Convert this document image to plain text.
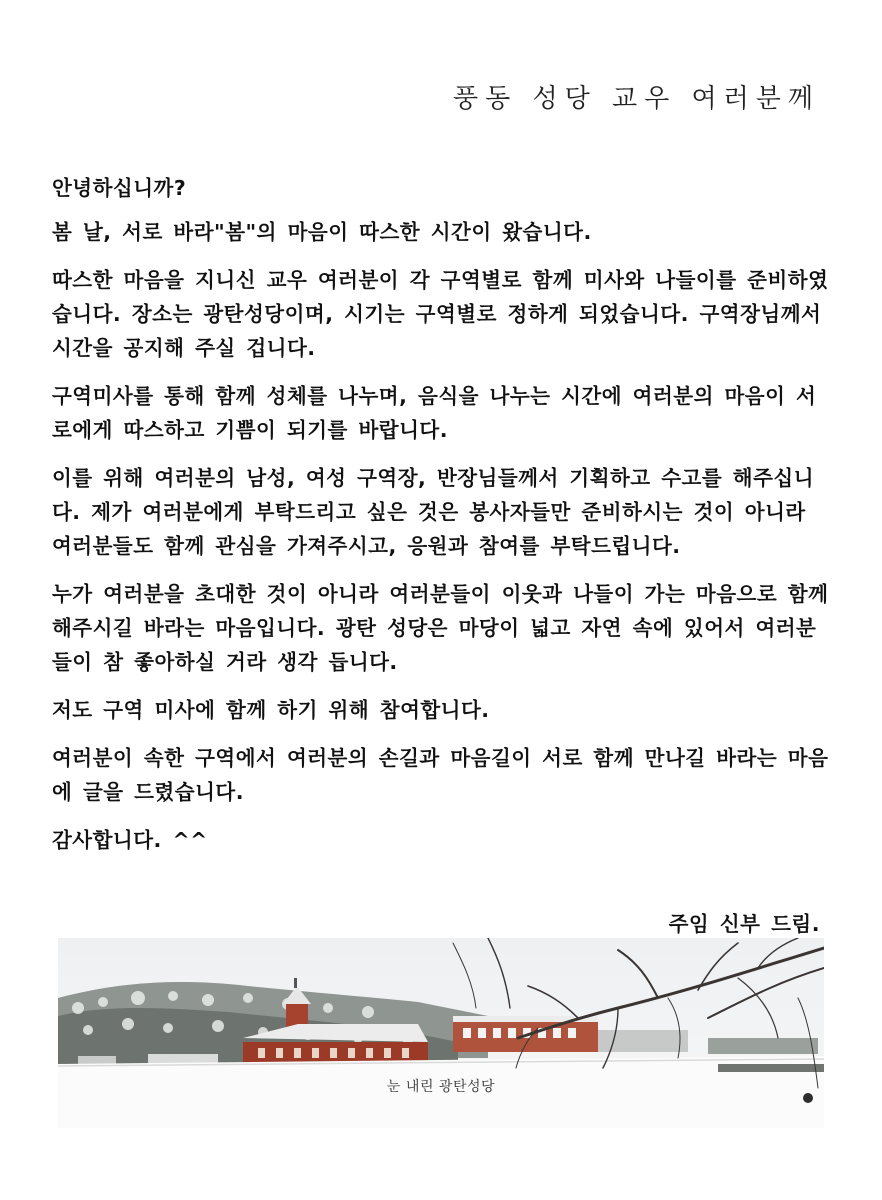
풍동 성당 교우 여러분께

안녕하십니까?

봄 날, 서로 바라"봄"의 마음이 따스한 시간이 왔습니다.

따스한 마음을 지니신 교우 여러분이 각 구역별로 함께 미사와 나들이를 준비하였습니다. 장소는 광탄성당이며, 시기는 구역별로 정하게 되었습니다. 구역장님께서 시간을 공지해 주실 겁니다.

구역미사를 통해 함께 성체를 나누며, 음식을 나누는 시간에 여러분의 마음이 서로에게 따스하고 기쁨이 되기를 바랍니다.

이를 위해 여러분의 남성, 여성 구역장, 반장님들께서 기획하고 수고를 해주십니다. 제가 여러분에게 부탁드리고 싶은 것은 봉사자들만 준비하시는 것이 아니라 여러분들도 함께 관심을 가져주시고, 응원과 참여를 부탁드립니다.

누가 여러분을 초대한 것이 아니라 여러분들이 이웃과 나들이 가는 마음으로 함께 해주시길 바라는 마음입니다. 광탄 성당은 마당이 넓고 자연 속에 있어서 여러분들이 참 좋아하실 거라 생각 듭니다.

저도 구역 미사에 함께 하기 위해 참여합니다.

여러분이 속한 구역에서 여러분의 손길과 마음길이 서로 함께 만나길 바라는 마음에 글을 드렸습니다.

감사합니다. ^^

주임 신부 드림.
눈 내린 광탄성당
